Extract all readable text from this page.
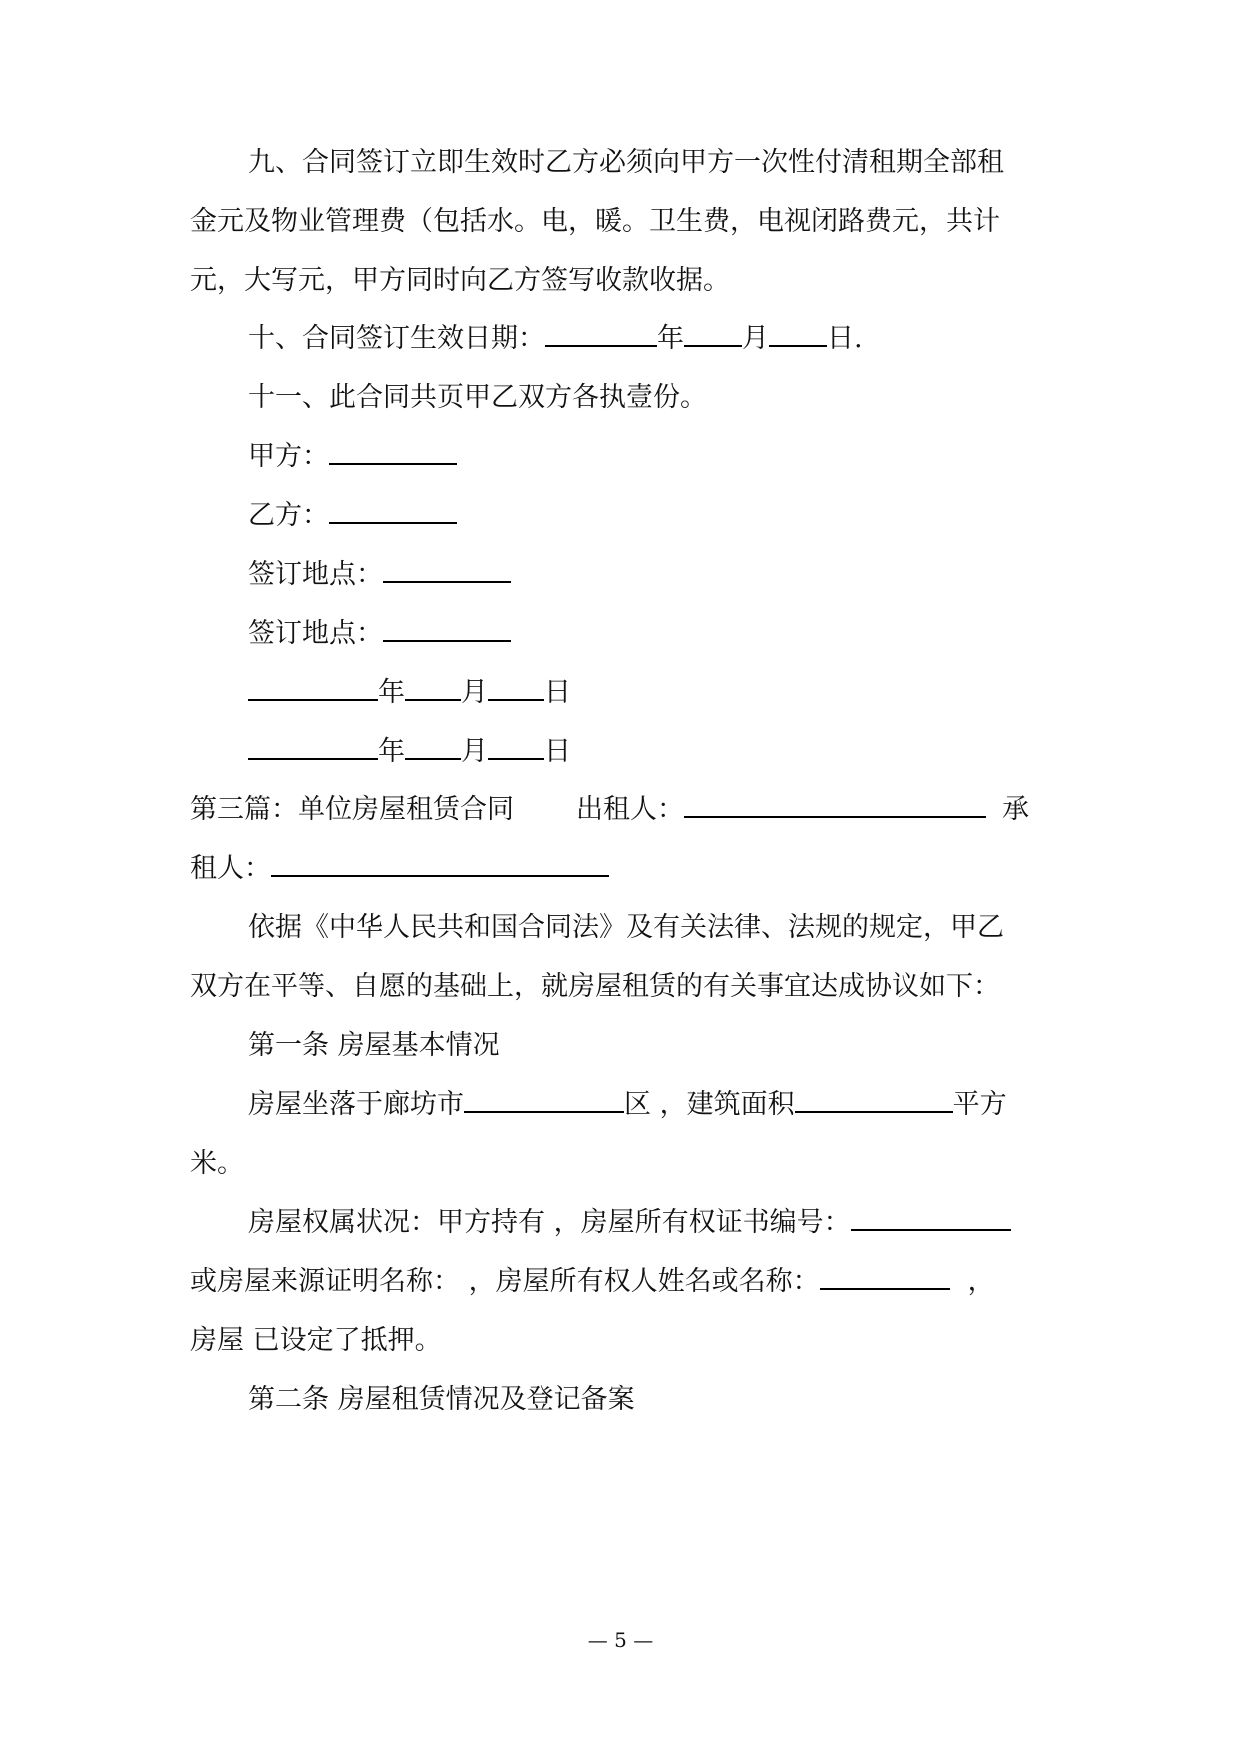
九、合同签订立即生效时乙方必须向甲方一次性付清租期全部租
金元及物业管理费（包括水。电，暖。卫生费，电视闭路费元，共计
元，大写元，甲方同时向乙方签写收款收据。
十、合同签订生效日期：	年 月 日.
十一、此合同共页甲乙双方各执壹份。
甲方：
乙方：
签订地点：
签订地点：
年 月 日
年 月 日
第三篇：单位房屋租赁合同 出租人：	承
租人：
依据《中华人民共和国合同法》及有关法律、法规的规定，甲乙
双方在平等、自愿的基础上，就房屋租赁的有关事宜达成协议如下：
第一条 房屋基本情况
房屋坐落于廊坊市	区 ，建筑面积	平方
米。
房屋权属状况：甲方持有 ，房屋所有权证书编号：
或房屋来源证明名称： ，房屋所有权人姓名或名称：	，
房屋 已设定了抵押。
第二条 房屋租赁情况及登记备案
— 5 —
